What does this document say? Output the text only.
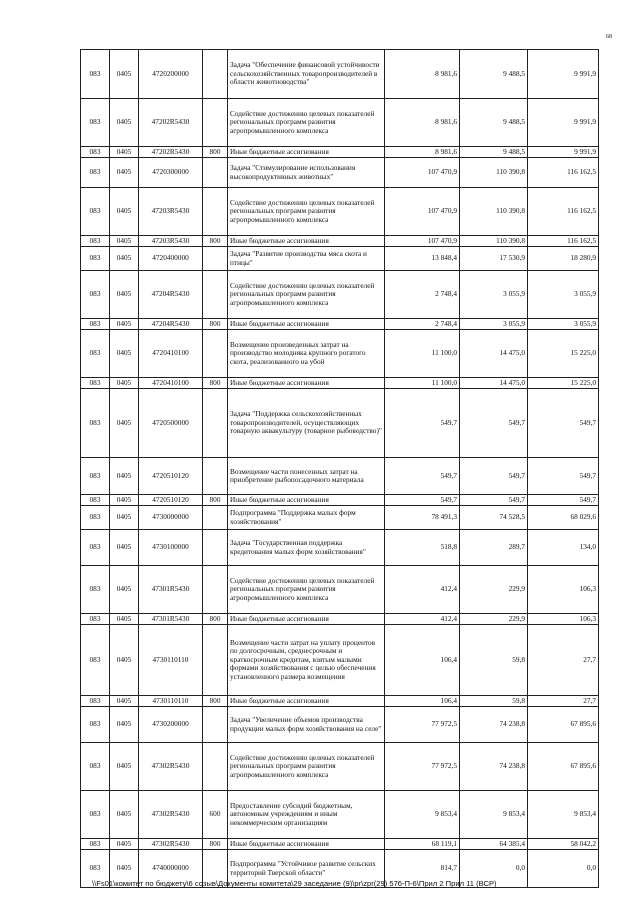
68
083	0405	4720200000		Задача "Обеспечение финансовой устойчивости сельскохозяйственных товаропроизводителей в области животноводства"	8 981,6	9 488,5	9 991,9
083	0405	47202R5430		Содействие достижению целевых показателей региональных программ развития агропромышленного комплекса	8 981,6	9 488,5	9 991,9
083	0405	47202R5430	800	Иные бюджетные ассигнования	8 981,6	9 488,5	9 991,9
083	0405	4720300000		Задача "Стимулирование использования высокопродуктивных животных"	107 470,9	110 390,8	116 162,5
083	0405	47203R5430		Содействие достижению целевых показателей региональных программ развития агропромышленного комплекса	107 470,9	110 390,8	116 162,5
083	0405	47203R5430	800	Иные бюджетные ассигнования	107 470,9	110 390,8	116 162,5
083	0405	4720400000		Задача "Развитие производства мяса скота и птицы"	13 848,4	17 530,9	18 280,9
083	0405	47204R5430		Содействие достижению целевых показателей региональных программ развития агропромышленного комплекса	2 748,4	3 055,9	3 055,9
083	0405	47204R5430	800	Иные бюджетные ассигнования	2 748,4	3 055,9	3 055,9
083	0405	4720410100		Возмещение произведенных затрат на производство молодняка крупного рогатого скота, реализованного на убой	11 100,0	14 475,0	15 225,0
083	0405	4720410100	800	Иные бюджетные ассигнования	11 100,0	14 475,0	15 225,0
083	0405	4720500000		Задача "Поддержка сельскохозяйственных товаропроизводителей, осуществляющих товарную аквакультуру (товарное рыбоводство)"	549,7	549,7	549,7
083	0405	4720510120		Возмещение части понесенных затрат на приобретение рыбопосадочного материала	549,7	549,7	549,7
083	0405	4720510120	800	Иные бюджетные ассигнования	549,7	549,7	549,7
083	0405	4730000000		Подпрограмма "Поддержка малых форм хозяйствования"	78 491,3	74 528,5	68 029,6
083	0405	4730100000		Задача "Государственная поддержка кредитования малых форм хозяйствования"	518,8	289,7	134,0
083	0405	47301R5430		Содействие достижению целевых показателей региональных программ развития агропромышленного комплекса	412,4	229,9	106,3
083	0405	47301R5430	800	Иные бюджетные ассигнования	412,4	229,9	106,3
083	0405	4730110110		Возмещение части затрат на уплату процентов по долгосрочным, среднесрочным и краткосрочным кредитам, взятым малыми формами хозяйствования с целью обеспечения установленного размера возмещения	106,4	59,8	27,7
083	0405	4730110110	800	Иные бюджетные ассигнования	106,4	59,8	27,7
083	0405	4730200000		Задача "Увеличение объемов производства продукции малых форм хозяйствования на селе"	77 972,5	74 238,8	67 895,6
083	0405	47302R5430		Содействие достижению целевых показателей региональных программ развития агропромышленного комплекса	77 972,5	74 238,8	67 895,6
083	0405	47302R5430	600	Предоставление субсидий бюджетным, автономным учреждениям и иным некоммерческим организациям	9 853,4	9 853,4	9 853,4
083	0405	47302R5430	800	Иные бюджетные ассигнования	68 119,1	64 385,4	58 042,2
083	0405	4740000000		Подпрограмма "Устойчивое развитие сельских территорий Тверской области"	814,7	0,0	0,0
\\Fs01\комитет по бюджету\6 созыв\Документы комитета\29 заседание (9)\pr\zpr(29) 576-П-6\Прил 2 Прил 11 (ВСР)
